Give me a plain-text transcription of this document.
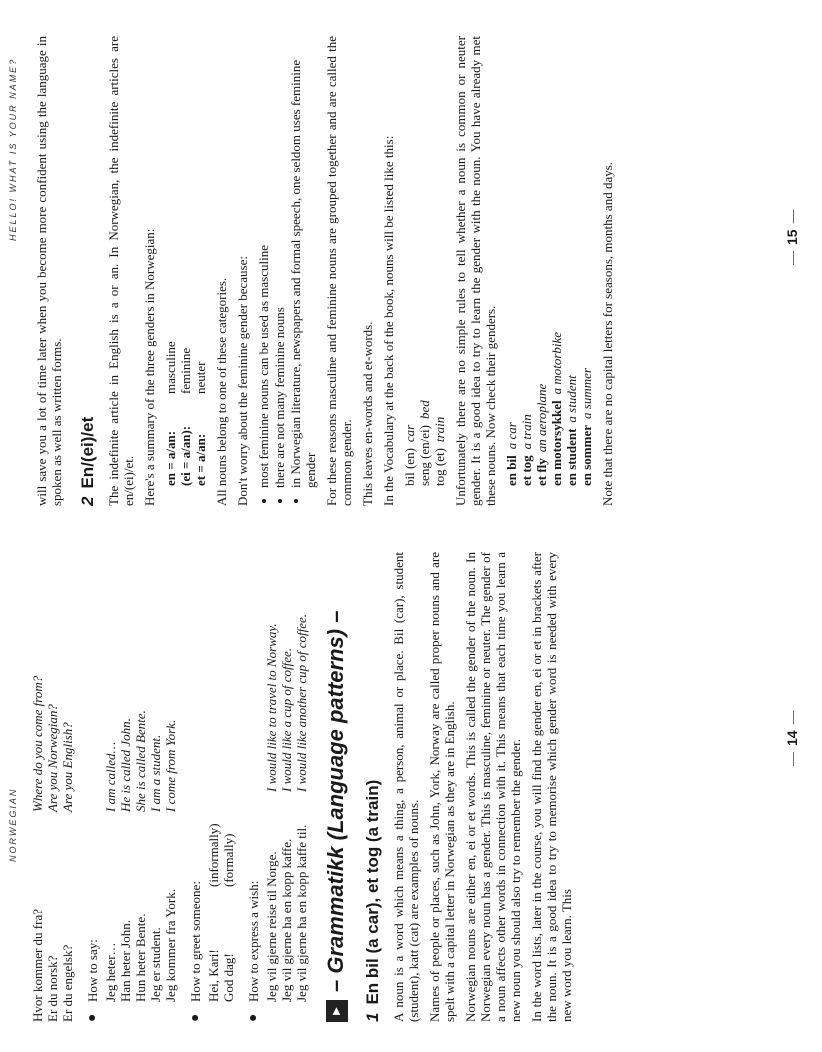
NORWEGIAN
Hvor kommer du fra?
Where do you come from?
Er du norsk?
Are you Norwegian?
Er du engelsk?
Are you English?
●
How to say: Jeg heter…
I am called…
Han heter John.
He is called John.
Hun heter Bente.
She is called Bente.
Jeg er student.
I am a student.
Jeg kommer fra York.
I come from York.
●
How to greet someone: Hei, Kari!
(informally)
God dag!
(formally)
●
How to express a wish: Jeg vil gjerne reise til Norge.
I would like to travel to Norway.
Jeg vil gjerne ha en kopp kaffe.
I would like a cup of coffee.
Jeg vil gjerne ha en kopp kaffe til.
I would like another cup of coffee.
▶– Grammatikk (Language patterns) –
1En bil (a car), et tog (a train) A noun is a word which means a thing, a person, animal or place. Bil (car), student (student), katt (cat) are examples of nouns. Names of people or places, such as John, York, Norway are called proper nouns and are spelt with a capital letter in Norwegian as they are in English. Norwegian nouns are either en, ei or et words. This is called the gender of the noun. In Norwegian every noun has a gender. This is masculine, feminine or neuter. The gender of a noun affects other words in connection with it. This means that each time you learn a new noun you should also try to remember the gender. In the word lists, later in the course, you will find the gender en, ei or et in brackets after the noun. It is a good idea to try to memorise which gender word is needed with every new word you learn. This

— 14 —
HELLO! WHAT IS YOUR NAME? will save you a lot of time later when you become more confident using the language in spoken as well as written forms. 2En/(ei)/et The indefinite article in English is a or an. In Norwegian, the indefinite articles are en/(ei)/et. Here's a summary of the three genders in Norwegian: en = a/an:
masculine
(ei = a/an):
feminine
et = a/an:
neuter All nouns belong to one of these categories. Don't worry about the feminine gender because: • most feminine nouns can be used as masculine • there are not many feminine nouns • in Norwegian literature, newspapers and formal speech, one seldom uses feminine gender For these reasons masculine and feminine nouns are grouped together and are called the common gender. This leaves en-words and et-words. In the Vocabulary at the back of the book, nouns will be listed like this: bil (en)car seng (en/ei)bed
tog (et)train Unfortunately there are no simple rules to tell whether a noun is common or neuter gender. It is a good idea to try to learn the gender with the noun. You have already met these nouns. Now check their genders. en bila car
et toga train
et flyan aeroplane en motorsykkela motorbike
en studenta student
en sommera summer Note that there are no capital letters for seasons, months and days.	— 15 —
